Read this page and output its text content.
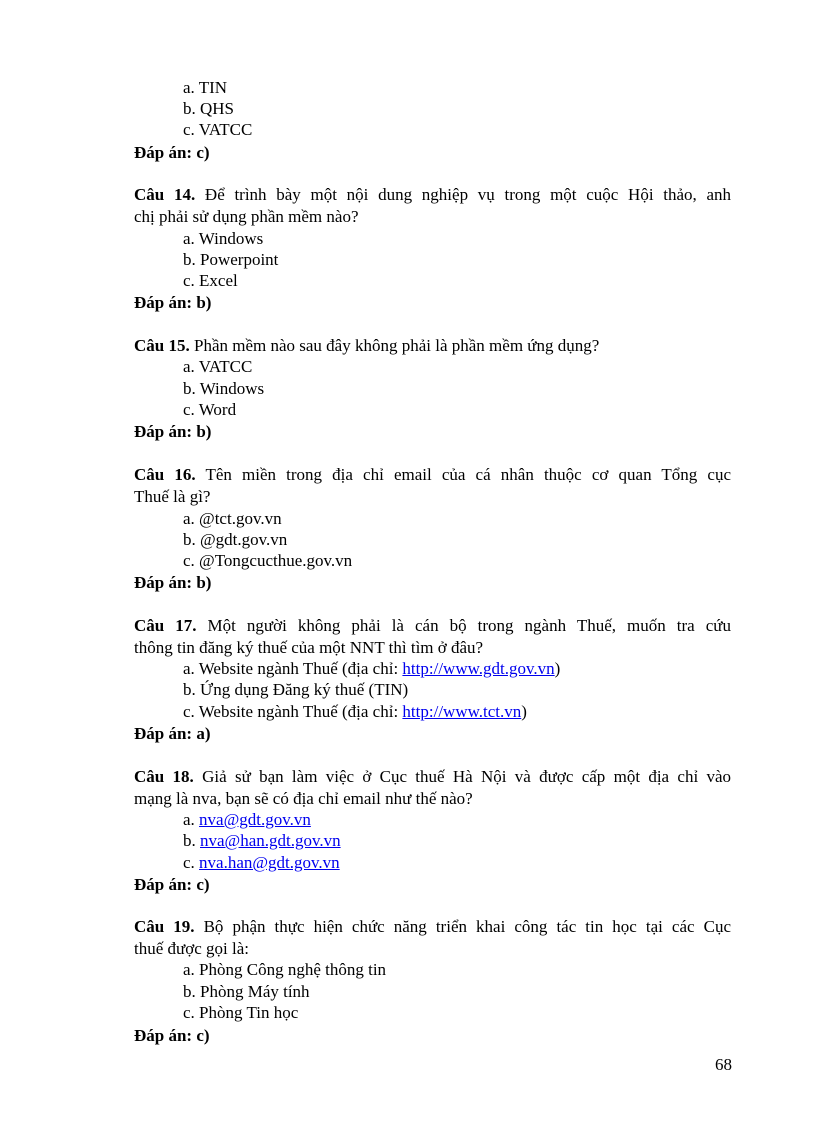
a. TIN
b. QHS
c. VATCC
Đáp án: c)
Câu 14. Để trình bày một nội dung nghiệp vụ trong một cuộc Hội thảo, anh
chị phải sử dụng phần mềm nào?
a. Windows
b. Powerpoint
c. Excel
Đáp án: b)
Câu 15. Phần mềm nào sau đây không phải là phần mềm ứng dụng?
a. VATCC
b. Windows
c. Word
Đáp án: b)
Câu 16. Tên miền trong địa chỉ email của cá nhân thuộc cơ quan Tổng cục
Thuế là gì?
a. @tct.gov.vn
b. @gdt.gov.vn
c. @Tongcucthue.gov.vn
Đáp án: b)
Câu 17. Một người không phải là cán bộ trong ngành Thuế, muốn tra cứu
thông tin đăng ký thuế của một NNT thì tìm ở đâu?
a. Website ngành Thuế (địa chỉ: http://www.gdt.gov.vn)
b. Ứng dụng Đăng ký thuế (TIN)
c. Website ngành Thuế (địa chỉ: http://www.tct.vn)
Đáp án: a)
Câu 18. Giả sử bạn làm việc ở Cục thuế Hà Nội và được cấp một địa chỉ vào
mạng là nva, bạn sẽ có địa chỉ email như thế nào?
a. nva@gdt.gov.vn
b. nva@han.gdt.gov.vn
c. nva.han@gdt.gov.vn
Đáp án: c)
Câu 19. Bộ phận thực hiện chức năng triển khai công tác tin học tại các Cục
thuế được gọi là:
a. Phòng Công nghệ thông tin
b. Phòng Máy tính
c. Phòng Tin học
Đáp án: c)
68
